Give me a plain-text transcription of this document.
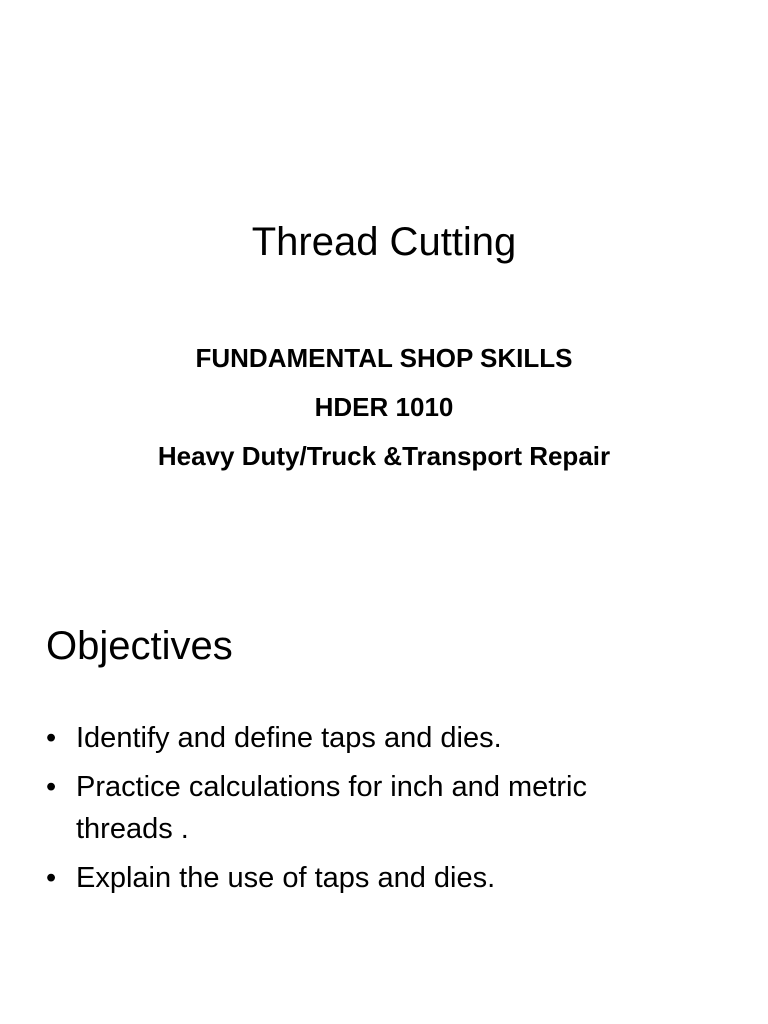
Thread Cutting
FUNDAMENTAL SHOP SKILLS
HDER 1010
Heavy Duty/Truck &Transport Repair
Objectives
• Identify and define taps and dies.
• Practice calculations for inch and metric threads .
• Explain the use of taps and dies.
